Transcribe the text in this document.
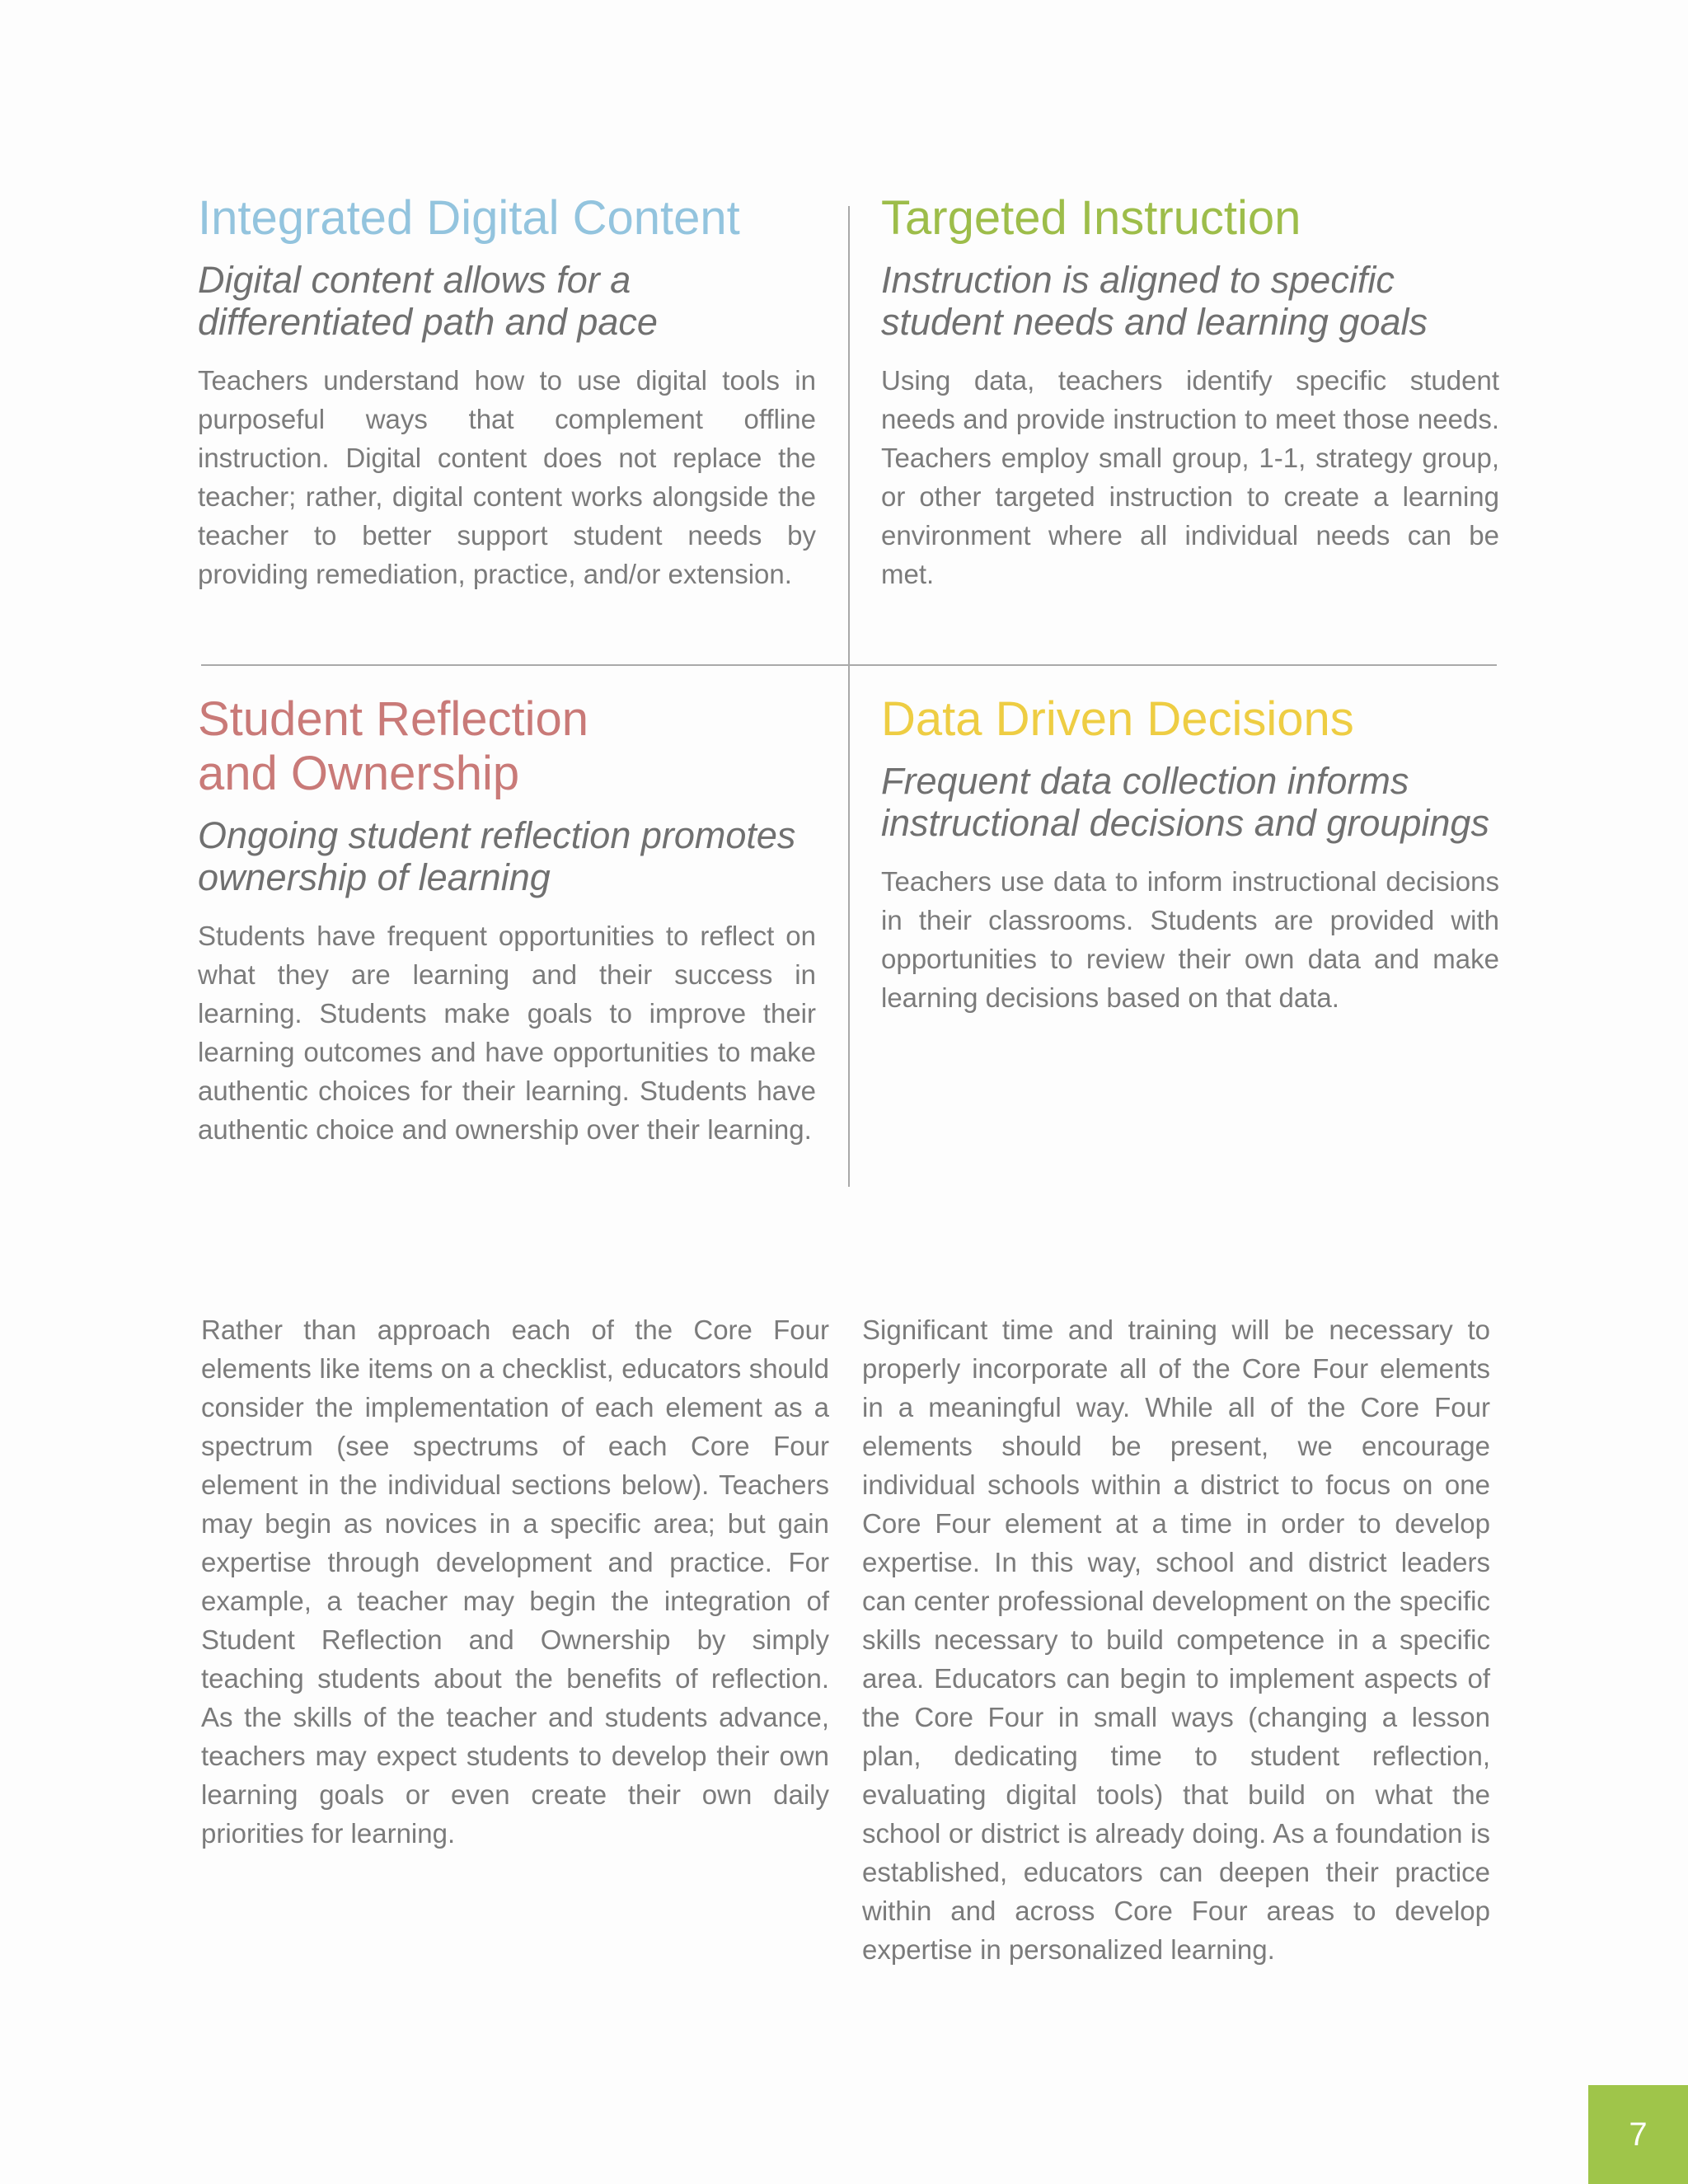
Integrated Digital Content

Digital content allows for a differentiated path and pace

Teachers understand how to use digital tools in purposeful ways that complement offline instruction. Digital content does not replace the teacher; rather, digital content works alongside the teacher to better support student needs by providing remediation, practice, and/or extension.

Targeted Instruction

Instruction is aligned to specific student needs and learning goals

Using data, teachers identify specific student needs and provide instruction to meet those needs. Teachers employ small group, 1-1, strategy group, or other targeted instruction to create a learning environment where all individual needs can be met.

Student Reflection
and Ownership

Ongoing student reflection promotes ownership of learning

Students have frequent opportunities to reflect on what they are learning and their success in learning. Students make goals to improve their learning outcomes and have opportunities to make authentic choices for their learning. Students have authentic choice and ownership over their learning.

Data Driven Decisions

Frequent data collection informs instructional decisions and groupings

Teachers use data to inform instructional decisions in their classrooms. Students are provided with opportunities to review their own data and make learning decisions based on that data.

Rather than approach each of the Core Four elements like items on a checklist, educators should consider the implementation of each element as a spectrum (see spectrums of each Core Four element in the individual sections below). Teachers may begin as novices in a specific area; but gain expertise through development and practice. For example, a teacher may begin the integration of Student Reflection and Ownership by simply teaching students about the benefits of reflection. As the skills of the teacher and students advance, teachers may expect students to develop their own learning goals or even create their own daily priorities for learning.

Significant time and training will be necessary to properly incorporate all of the Core Four elements in a meaningful way. While all of the Core Four elements should be present, we encourage individual schools within a district to focus on one Core Four element at a time in order to develop expertise. In this way, school and district leaders can center professional development on the specific skills necessary to build competence in a specific area. Educators can begin to implement aspects of the Core Four in small ways (changing a lesson plan, dedicating time to student reflection, evaluating digital tools) that build on what the school or district is already doing. As a foundation is established, educators can deepen their practice within and across Core Four areas to develop expertise in personalized learning.

7
